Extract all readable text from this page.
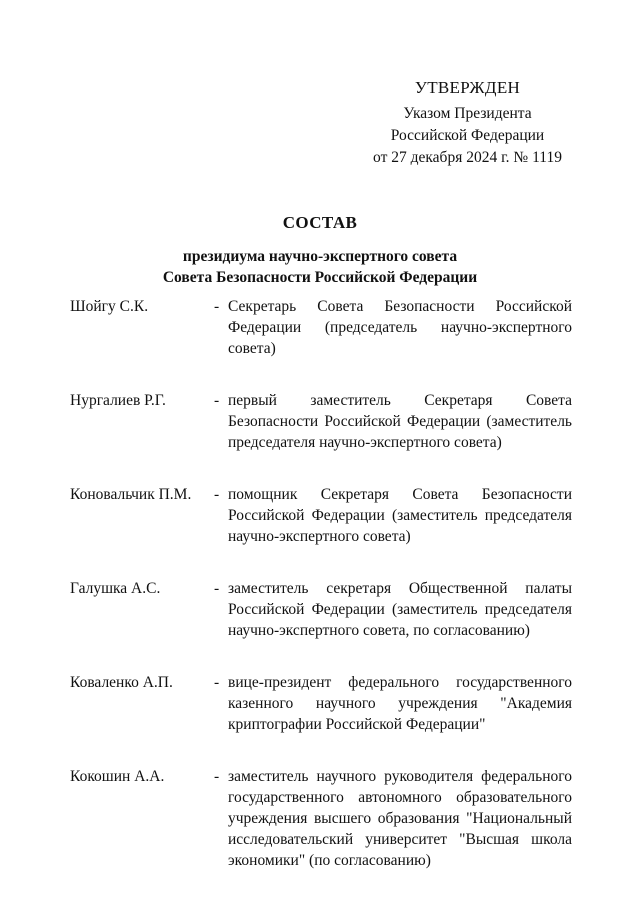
УТВЕРЖДЕН
Указом Президента
Российской Федерации
от 27 декабря 2024 г. № 1119
СОСТАВ
президиума научно-экспертного совета
Совета Безопасности Российской Федерации
Шойгу С.К.	- Секретарь Совета Безопасности Российской Федерации (председатель научно-экспертного совета)
Нургалиев Р.Г.	- первый заместитель Секретаря Совета Безопасности Российской Федерации (заместитель председателя научно-экспертного совета)
Коновальчик П.М.	- помощник Секретаря Совета Безопасности Российской Федерации (заместитель председателя научно-экспертного совета)
Галушка А.С.	- заместитель секретаря Общественной палаты Российской Федерации (заместитель председателя научно-экспертного совета, по согласованию)
Коваленко А.П.	- вице-президент федерального государственного казенного научного учреждения "Академия криптографии Российской Федерации"
Кокошин А.А.	- заместитель научного руководителя федерального государственного автономного образовательного учреждения высшего образования "Национальный исследовательский университет "Высшая школа экономики" (по согласованию)
